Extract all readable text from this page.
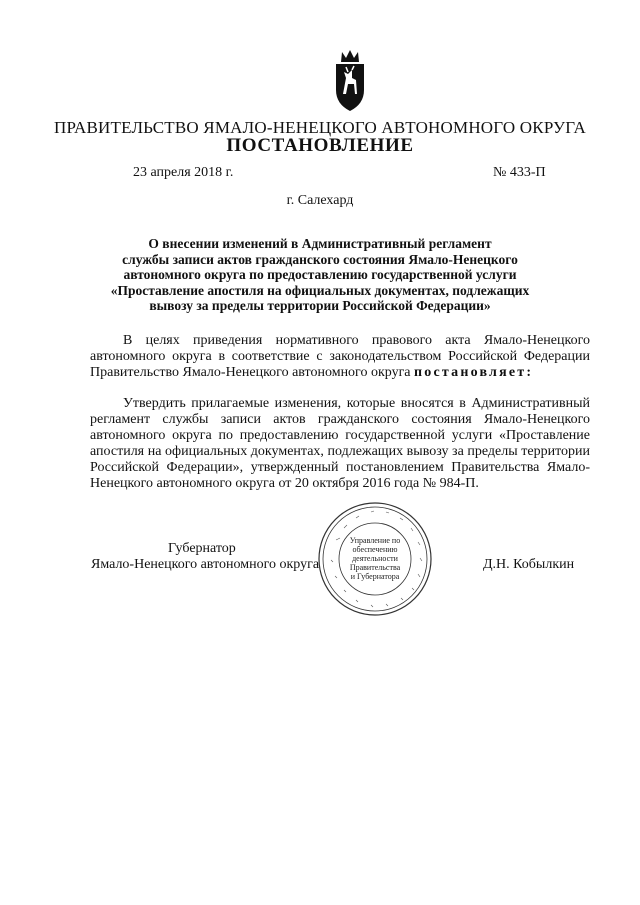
ПРАВИТЕЛЬСТВО ЯМАЛО-НЕНЕЦКОГО АВТОНОМНОГО ОКРУГА
ПОСТАНОВЛЕНИЕ
23 апреля 2018 г.	№ 433-П
г. Салехард
О внесении изменений в Административный регламент
службы записи актов гражданского состояния Ямало-Ненецкого
автономного округа по предоставлению государственной услуги
«Проставление апостиля на официальных документах, подлежащих
вывозу за пределы территории Российской Федерации»
В целях приведения нормативного правового акта Ямало-Ненецкого автономного округа в соответствие с законодательством Российской Федерации Правительство Ямало-Ненецкого автономного округа постановляет:
Утвердить прилагаемые изменения, которые вносятся в Административный регламент службы записи актов гражданского состояния Ямало-Ненецкого автономного округа по предоставлению государственной услуги «Проставление апостиля на официальных документах, подлежащих вывозу за пределы территории Российской Федерации», утвержденный постановлением Правительства Ямало-Ненецкого автономного округа от 20 октября 2016 года № 984-П.
Губернатор
Ямало-Ненецкого автономного округа	Д.Н. Кобылкин
Управление по
обеспечению
деятельности
Правительства
и Губернатора
